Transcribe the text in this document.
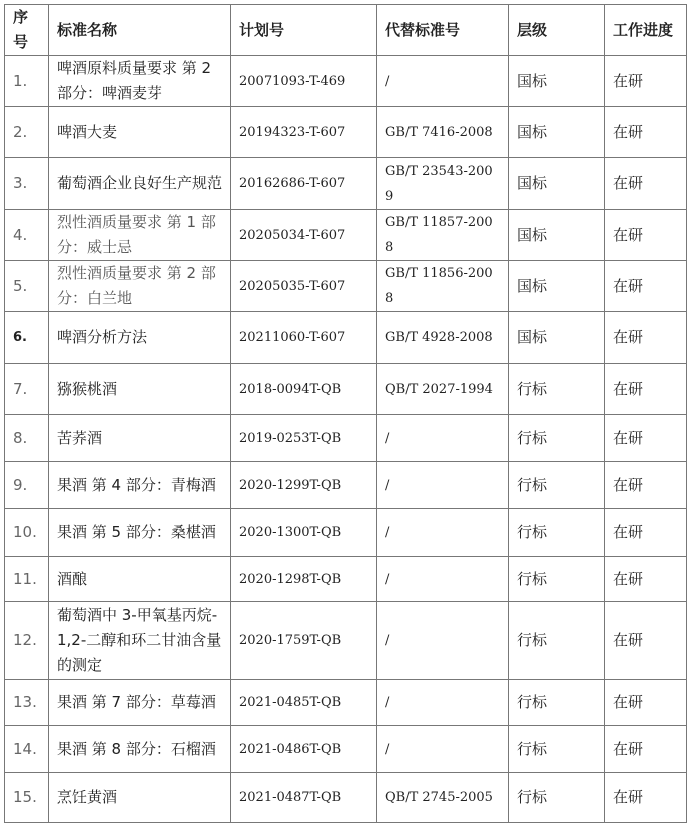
序号	标准名称	计划号	代替标准号	层级	工作进度
1.	啤酒原料质量要求 第 2 部分：啤酒麦芽	20071093-T-469	/	国标	在研
2.	啤酒大麦	20194323-T-607	GB/T 7416-2008	国标	在研
3.	葡萄酒企业良好生产规范	20162686-T-607	GB/T 23543-2009	国标	在研
4.	烈性酒质量要求 第 1 部分：威士忌	20205034-T-607	GB/T 11857-2008	国标	在研
5.	烈性酒质量要求 第 2 部分：白兰地	20205035-T-607	GB/T 11856-2008	国标	在研
6.	啤酒分析方法	20211060-T-607	GB/T 4928-2008	国标	在研
7.	猕猴桃酒	2018-0094T-QB	QB/T 2027-1994	行标	在研
8.	苦荞酒	2019-0253T-QB	/	行标	在研
9.	果酒 第 4 部分：青梅酒	2020-1299T-QB	/	行标	在研
10.	果酒 第 5 部分：桑椹酒	2020-1300T-QB	/	行标	在研
11.	酒酿	2020-1298T-QB	/	行标	在研
12.	葡萄酒中 3-甲氧基丙烷-1,2-二醇和环二甘油含量的测定	2020-1759T-QB	/	行标	在研
13.	果酒 第 7 部分：草莓酒	2021-0485T-QB	/	行标	在研
14.	果酒 第 8 部分：石榴酒	2021-0486T-QB	/	行标	在研
15.	烹饪黄酒	2021-0487T-QB	QB/T 2745-2005	行标	在研
